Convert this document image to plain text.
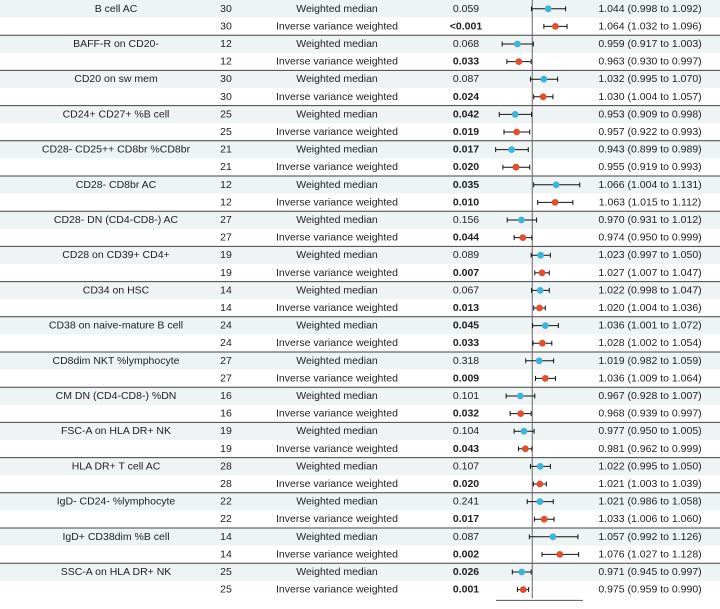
B cell AC	30	Weighted median	0.059	1.044 (0.998 to 1.092)
30	Inverse variance weighted	<0.001	1.064 (1.032 to 1.096)
BAFF-R on CD20-	12	Weighted median	0.068	0.959 (0.917 to 1.003)
12	Inverse variance weighted	0.033	0.963 (0.930 to 0.997)
CD20 on sw mem	30	Weighted median	0.087	1.032 (0.995 to 1.070)
30	Inverse variance weighted	0.024	1.030 (1.004 to 1.057)
CD24+ CD27+ %B cell	25	Weighted median	0.042	0.953 (0.909 to 0.998)
25	Inverse variance weighted	0.019	0.957 (0.922 to 0.993)
CD28- CD25++ CD8br %CD8br	21	Weighted median	0.017	0.943 (0.899 to 0.989)
21	Inverse variance weighted	0.020	0.955 (0.919 to 0.993)
CD28- CD8br AC	12	Weighted median	0.035	1.066 (1.004 to 1.131)
12	Inverse variance weighted	0.010	1.063 (1.015 to 1.112)
CD28- DN (CD4-CD8-) AC	27	Weighted median	0.156	0.970 (0.931 to 1.012)
27	Inverse variance weighted	0.044	0.974 (0.950 to 0.999)
CD28 on CD39+ CD4+	19	Weighted median	0.089	1.023 (0.997 to 1.050)
19	Inverse variance weighted	0.007	1.027 (1.007 to 1.047)
CD34 on HSC	14	Weighted median	0.067	1.022 (0.998 to 1.047)
14	Inverse variance weighted	0.013	1.020 (1.004 to 1.036)
CD38 on naive-mature B cell	24	Weighted median	0.045	1.036 (1.001 to 1.072)
24	Inverse variance weighted	0.033	1.028 (1.002 to 1.054)
CD8dim NKT %lymphocyte	27	Weighted median	0.318	1.019 (0.982 to 1.059)
27	Inverse variance weighted	0.009	1.036 (1.009 to 1.064)
CM DN (CD4-CD8-) %DN	16	Weighted median	0.101	0.967 (0.928 to 1.007)
16	Inverse variance weighted	0.032	0.968 (0.939 to 0.997)
FSC-A on HLA DR+ NK	19	Weighted median	0.104	0.977 (0.950 to 1.005)
19	Inverse variance weighted	0.043	0.981 (0.962 to 0.999)
HLA DR+ T cell AC	28	Weighted median	0.107	1.022 (0.995 to 1.050)
28	Inverse variance weighted	0.020	1.021 (1.003 to 1.039)
IgD- CD24- %lymphocyte	22	Weighted median	0.241	1.021 (0.986 to 1.058)
22	Inverse variance weighted	0.017	1.033 (1.006 to 1.060)
IgD+ CD38dim %B cell	14	Weighted median	0.087	1.057 (0.992 to 1.126)
14	Inverse variance weighted	0.002	1.076 (1.027 to 1.128)
SSC-A on HLA DR+ NK	25	Weighted median	0.026	0.971 (0.945 to 0.997)
25	Inverse variance weighted	0.001	0.975 (0.959 to 0.990)
